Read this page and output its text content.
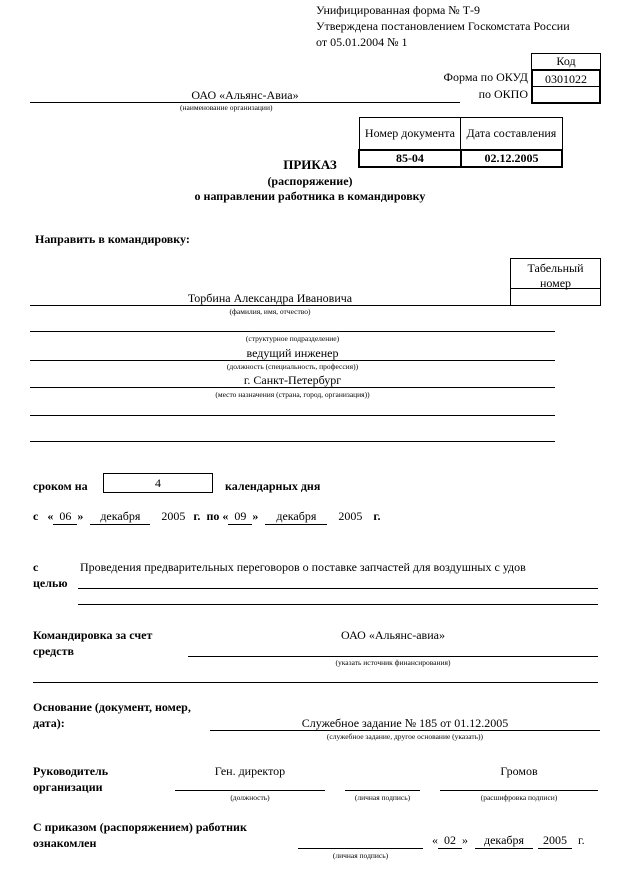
Унифицированная форма № Т-9
Утверждена постановлением Госкомстата России
от 05.01.2004 № 1
Код
Форма по ОКУД	0301022
по ОКПО
ОАО «Альянс-Авиа»
(наименование организации)
Номер документа	Дата составления
85-04	02.12.2005
ПРИКАЗ
(распоряжение)
о направлении работника в командировку
Направить в командировку:
Табельный номер
Торбина Александра Ивановича
(фамилия, имя, отчество)
(структурное подразделение)
ведущий инженер
(должность (специальность, профессия))
г. Санкт-Петербург
(место назначения (страна, город, организация))
сроком на	4	календарных дня
с « 06 » декабря 2005 г. по « 09 » декабря 2005 г.
с
целью
Проведения предварительных переговоров о поставке запчастей для воздушных с удов
Командировка за счет
средств
ОАО «Альянс-авиа»
(указать источник финансирования)
Основание (документ, номер,
дата):	Служебное задание № 185 от 01.12.2005
(служебное задание, другое основание (указать))
Руководитель
организации
Ген. директор
(должность)	(личная подпись)
Громов
(расшифровка подписи)
С приказом (распоряжением) работник
ознакомлен
(личная подпись)
« 02 » декабря 2005 г.
